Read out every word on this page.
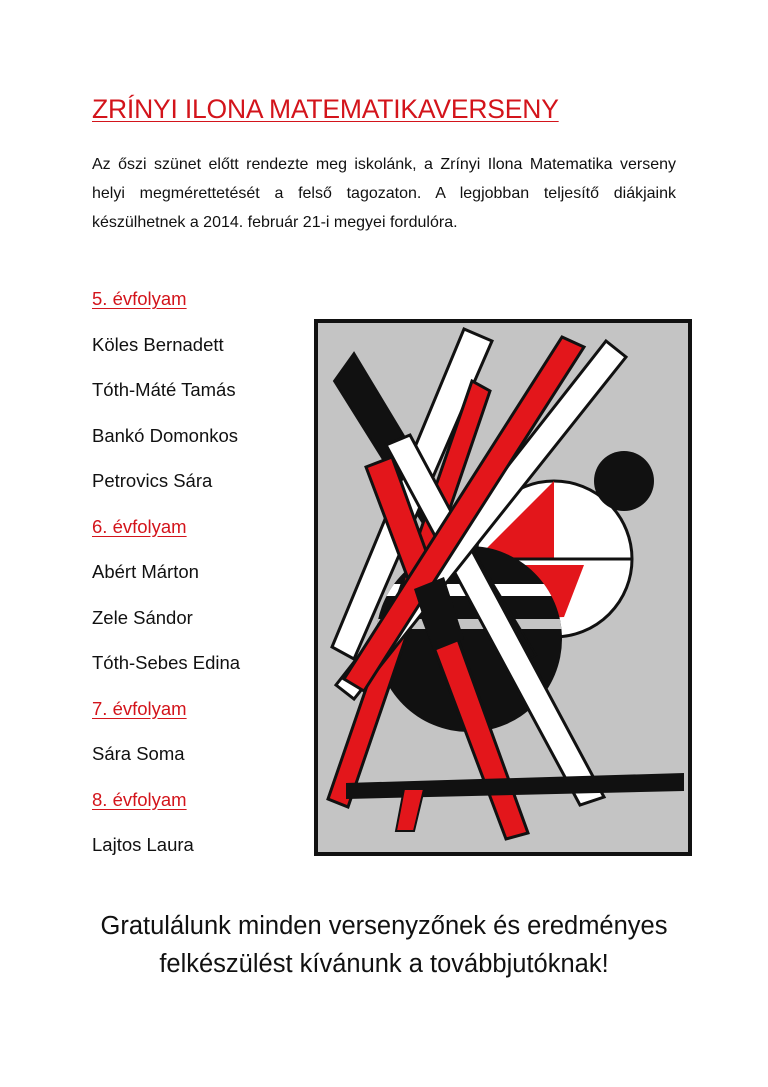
ZRÍNYI ILONA MATEMATIKAVERSENY

Az őszi szünet előtt rendezte meg iskolánk, a Zrínyi Ilona Matematika verseny helyi megmérettetését a felső tagozaton. A legjobban teljesítő diákjaink készülhetnek a 2014. február 21-i megyei fordulóra.

5. évfolyam
Köles Bernadett
Tóth-Máté Tamás
Bankó Domonkos
Petrovics Sára
6. évfolyam
Abért Márton
Zele Sándor
Tóth-Sebes Edina
7. évfolyam
Sára Soma
8. évfolyam
Lajtos Laura
Gratulálunk minden versenyzőnek és eredményes
felkészülést kívánunk a továbbjutóknak!
